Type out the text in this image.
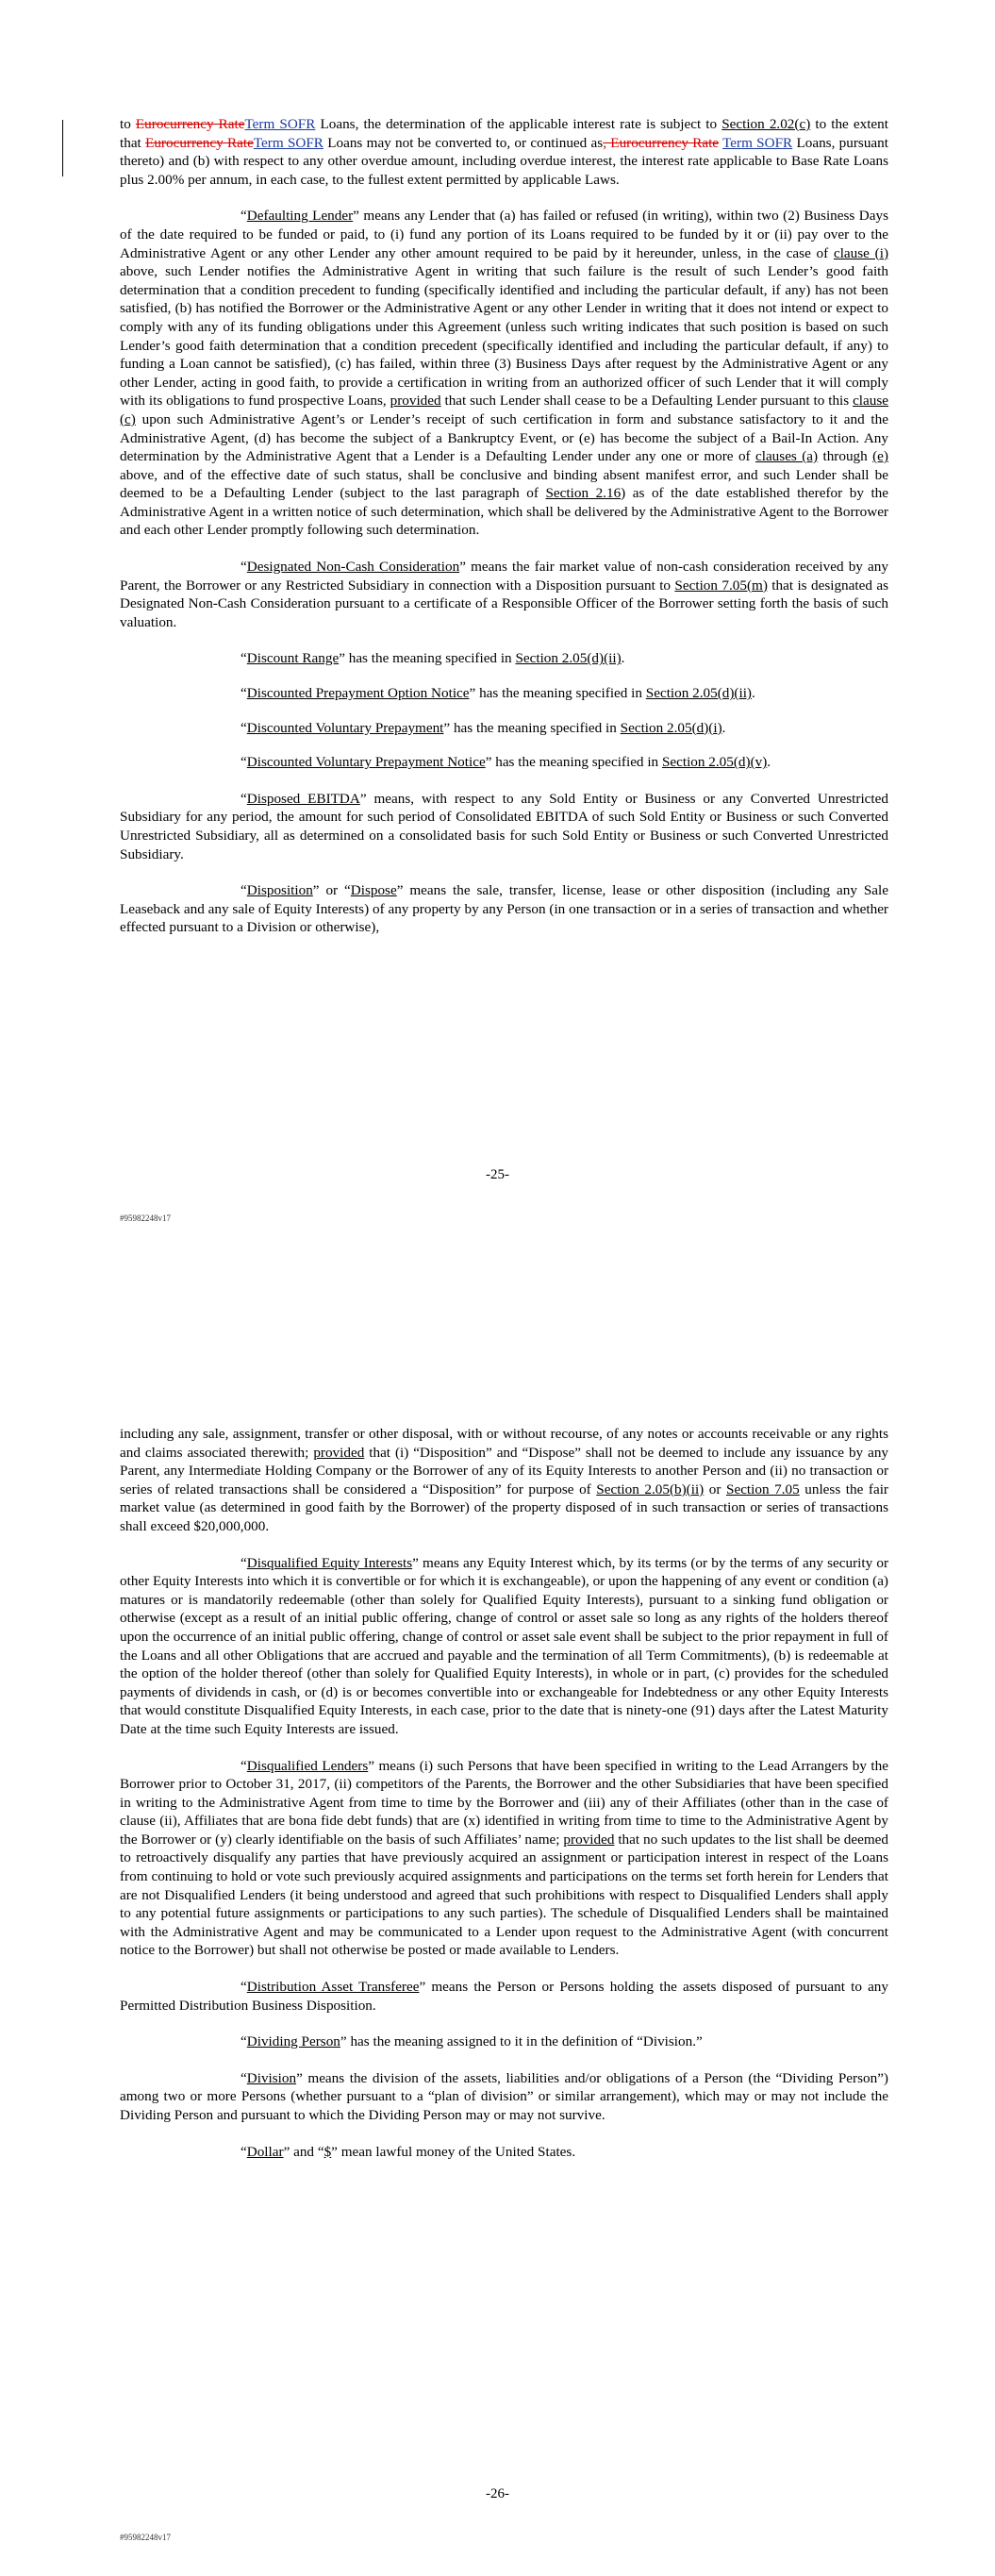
to Eurocurrency RateTerm SOFR Loans, the determination of the applicable interest rate is subject to Section 2.02(c) to the extent that Eurocurrency RateTerm SOFR Loans may not be converted to, or continued as, Eurocurrency Rate Term SOFR Loans, pursuant thereto) and (b) with respect to any other overdue amount, including overdue interest, the interest rate applicable to Base Rate Loans plus 2.00% per annum, in each case, to the fullest extent permitted by applicable Laws.

“Defaulting Lender” means any Lender that (a) has failed or refused (in writing), within two (2) Business Days of the date required to be funded or paid, to (i) fund any portion of its Loans required to be funded by it or (ii) pay over to the Administrative Agent or any other Lender any other amount required to be paid by it hereunder, unless, in the case of clause (i) above, such Lender notifies the Administrative Agent in writing that such failure is the result of such Lender’s good faith determination that a condition precedent to funding (specifically identified and including the particular default, if any) has not been satisfied, (b) has notified the Borrower or the Administrative Agent or any other Lender in writing that it does not intend or expect to comply with any of its funding obligations under this Agreement (unless such writing indicates that such position is based on such Lender’s good faith determination that a condition precedent (specifically identified and including the particular default, if any) to funding a Loan cannot be satisfied), (c) has failed, within three (3) Business Days after request by the Administrative Agent or any other Lender, acting in good faith, to provide a certification in writing from an authorized officer of such Lender that it will comply with its obligations to fund prospective Loans, provided that such Lender shall cease to be a Defaulting Lender pursuant to this clause (c) upon such Administrative Agent’s or Lender’s receipt of such certification in form and substance satisfactory to it and the Administrative Agent, (d) has become the subject of a Bankruptcy Event, or (e) has become the subject of a Bail-In Action. Any determination by the Administrative Agent that a Lender is a Defaulting Lender under any one or more of clauses (a) through (e) above, and of the effective date of such status, shall be conclusive and binding absent manifest error, and such Lender shall be deemed to be a Defaulting Lender (subject to the last paragraph of Section 2.16) as of the date established therefor by the Administrative Agent in a written notice of such determination, which shall be delivered by the Administrative Agent to the Borrower and each other Lender promptly following such determination.

“Designated Non-Cash Consideration” means the fair market value of non-cash consideration received by any Parent, the Borrower or any Restricted Subsidiary in connection with a Disposition pursuant to Section 7.05(m) that is designated as Designated Non-Cash Consideration pursuant to a certificate of a Responsible Officer of the Borrower setting forth the basis of such valuation.

“Discount Range” has the meaning specified in Section 2.05(d)(ii).

“Discounted Prepayment Option Notice” has the meaning specified in Section 2.05(d)(ii).

“Discounted Voluntary Prepayment” has the meaning specified in Section 2.05(d)(i).

“Discounted Voluntary Prepayment Notice” has the meaning specified in Section 2.05(d)(v).

“Disposed EBITDA” means, with respect to any Sold Entity or Business or any Converted Unrestricted Subsidiary for any period, the amount for such period of Consolidated EBITDA of such Sold Entity or Business or such Converted Unrestricted Subsidiary, all as determined on a consolidated basis for such Sold Entity or Business or such Converted Unrestricted Subsidiary.

“Disposition” or “Dispose” means the sale, transfer, license, lease or other disposition (including any Sale Leaseback and any sale of Equity Interests) of any property by any Person (in one transaction or in a series of transaction and whether effected pursuant to a Division or otherwise),

-25-
#95982248v17

including any sale, assignment, transfer or other disposal, with or without recourse, of any notes or accounts receivable or any rights and claims associated therewith; provided that (i) “Disposition” and “Dispose” shall not be deemed to include any issuance by any Parent, any Intermediate Holding Company or the Borrower of any of its Equity Interests to another Person and (ii) no transaction or series of related transactions shall be considered a “Disposition” for purpose of Section 2.05(b)(ii) or Section 7.05 unless the fair market value (as determined in good faith by the Borrower) of the property disposed of in such transaction or series of transactions shall exceed $20,000,000.

“Disqualified Equity Interests” means any Equity Interest which, by its terms (or by the terms of any security or other Equity Interests into which it is convertible or for which it is exchangeable), or upon the happening of any event or condition (a) matures or is mandatorily redeemable (other than solely for Qualified Equity Interests), pursuant to a sinking fund obligation or otherwise (except as a result of an initial public offering, change of control or asset sale so long as any rights of the holders thereof upon the occurrence of an initial public offering, change of control or asset sale event shall be subject to the prior repayment in full of the Loans and all other Obligations that are accrued and payable and the termination of all Term Commitments), (b) is redeemable at the option of the holder thereof (other than solely for Qualified Equity Interests), in whole or in part, (c) provides for the scheduled payments of dividends in cash, or (d) is or becomes convertible into or exchangeable for Indebtedness or any other Equity Interests that would constitute Disqualified Equity Interests, in each case, prior to the date that is ninety-one (91) days after the Latest Maturity Date at the time such Equity Interests are issued.

“Disqualified Lenders” means (i) such Persons that have been specified in writing to the Lead Arrangers by the Borrower prior to October 31, 2017, (ii) competitors of the Parents, the Borrower and the other Subsidiaries that have been specified in writing to the Administrative Agent from time to time by the Borrower and (iii) any of their Affiliates (other than in the case of clause (ii), Affiliates that are bona fide debt funds) that are (x) identified in writing from time to time to the Administrative Agent by the Borrower or (y) clearly identifiable on the basis of such Affiliates’ name; provided that no such updates to the list shall be deemed to retroactively disqualify any parties that have previously acquired an assignment or participation interest in respect of the Loans from continuing to hold or vote such previously acquired assignments and participations on the terms set forth herein for Lenders that are not Disqualified Lenders (it being understood and agreed that such prohibitions with respect to Disqualified Lenders shall apply to any potential future assignments or participations to any such parties). The schedule of Disqualified Lenders shall be maintained with the Administrative Agent and may be communicated to a Lender upon request to the Administrative Agent (with concurrent notice to the Borrower) but shall not otherwise be posted or made available to Lenders.

“Distribution Asset Transferee” means the Person or Persons holding the assets disposed of pursuant to any Permitted Distribution Business Disposition.

“Dividing Person” has the meaning assigned to it in the definition of “Division.”

“Division” means the division of the assets, liabilities and/or obligations of a Person (the “Dividing Person”) among two or more Persons (whether pursuant to a “plan of division” or similar arrangement), which may or may not include the Dividing Person and pursuant to which the Dividing Person may or may not survive.

“Dollar” and “$” mean lawful money of the United States.

-26-
#95982248v17
